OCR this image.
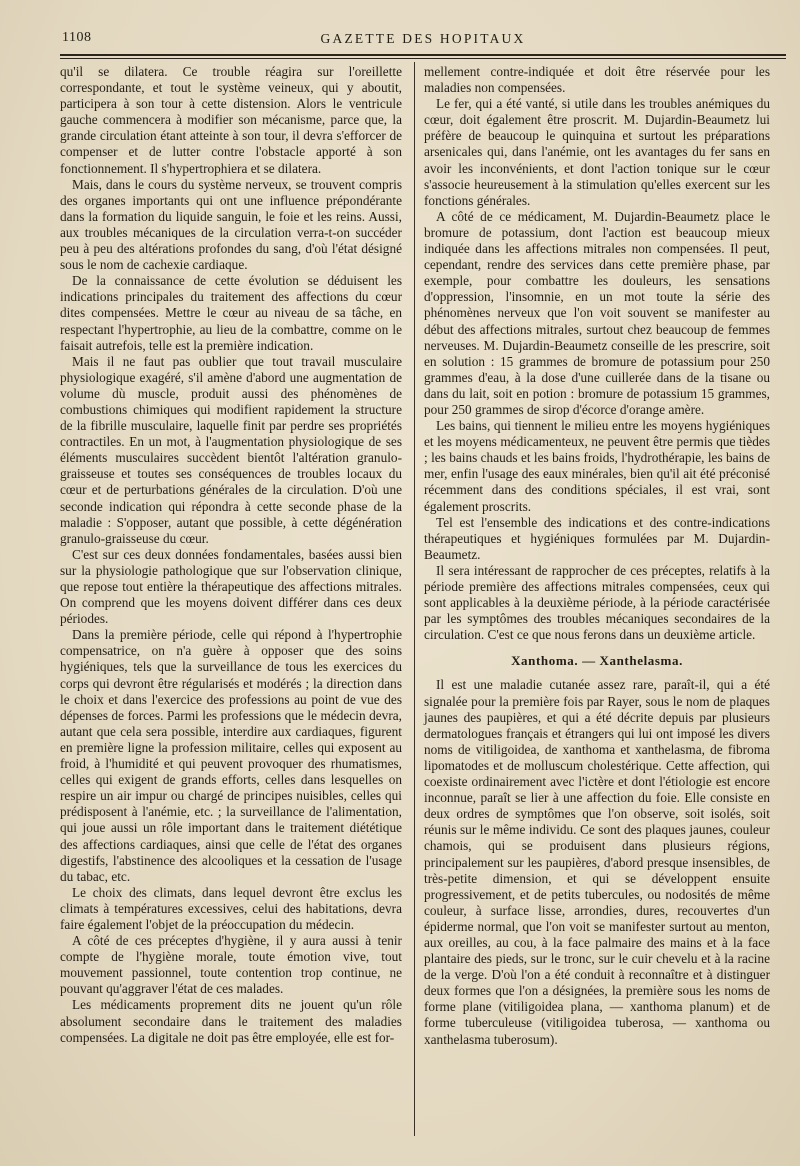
1108	GAZETTE DES HOPITAUX

qu'il se dilatera. Ce trouble réagira sur l'oreillette correspondante, et tout le système veineux, qui y aboutit, participera à son tour à cette distension. Alors le ventricule gauche commencera à modifier son mécanisme, parce que, la grande circulation étant atteinte à son tour, il devra s'efforcer de compenser et de lutter contre l'obstacle apporté à son fonctionnement. Il s'hypertrophiera et se dilatera.

Mais, dans le cours du système nerveux, se trouvent compris des organes importants qui ont une influence prépondérante dans la formation du liquide sanguin, le foie et les reins. Aussi, aux troubles mécaniques de la circulation verra-t-on succéder peu à peu des altérations profondes du sang, d'où l'état désigné sous le nom de cachexie cardiaque.

De la connaissance de cette évolution se déduisent les indications principales du traitement des affections du cœur dites compensées. Mettre le cœur au niveau de sa tâche, en respectant l'hypertrophie, au lieu de la combattre, comme on le faisait autrefois, telle est la première indication.

Mais il ne faut pas oublier que tout travail musculaire physiologique exagéré, s'il amène d'abord une augmentation de volume dù muscle, produit aussi des phénomènes de combustions chimiques qui modifient rapidement la structure de la fibrille musculaire, laquelle finit par perdre ses propriétés contractiles. En un mot, à l'augmentation physiologique de ses éléments musculaires succèdent bientôt l'altération granulo-graisseuse et toutes ses conséquences de troubles locaux du cœur et de perturbations générales de la circulation. D'où une seconde indication qui répondra à cette seconde phase de la maladie : S'opposer, autant que possible, à cette dégénération granulo-graisseuse du cœur.

C'est sur ces deux données fondamentales, basées aussi bien sur la physiologie pathologique que sur l'observation clinique, que repose tout entière la thérapeutique des affections mitrales. On comprend que les moyens doivent différer dans ces deux périodes.

Dans la première période, celle qui répond à l'hypertrophie compensatrice, on n'a guère à opposer que des soins hygiéniques, tels que la surveillance de tous les exercices du corps qui devront être régularisés et modérés ; la direction dans le choix et dans l'exercice des professions au point de vue des dépenses de forces. Parmi les professions que le médecin devra, autant que cela sera possible, interdire aux cardiaques, figurent en première ligne la profession militaire, celles qui exposent au froid, à l'humidité et qui peuvent provoquer des rhumatismes, celles qui exigent de grands efforts, celles dans lesquelles on respire un air impur ou chargé de principes nuisibles, celles qui prédisposent à l'anémie, etc. ; la surveillance de l'alimentation, qui joue aussi un rôle important dans le traitement diététique des affections cardiaques, ainsi que celle de l'état des organes digestifs, l'abstinence des alcooliques et la cessation de l'usage du tabac, etc.

Le choix des climats, dans lequel devront être exclus les climats à températures excessives, celui des habitations, devra faire également l'objet de la préoccupation du médecin.

A côté de ces préceptes d'hygiène, il y aura aussi à tenir compte de l'hygiène morale, toute émotion vive, tout mouvement passionnel, toute contention trop continue, ne pouvant qu'aggraver l'état de ces malades.

Les médicaments proprement dits ne jouent qu'un rôle absolument secondaire dans le traitement des maladies compensées. La digitale ne doit pas être employée, elle est for-

mellement contre-indiquée et doit être réservée pour les maladies non compensées.

Le fer, qui a été vanté, si utile dans les troubles anémiques du cœur, doit également être proscrit. M. Dujardin-Beaumetz lui préfère de beaucoup le quinquina et surtout les préparations arsenicales qui, dans l'anémie, ont les avantages du fer sans en avoir les inconvénients, et dont l'action tonique sur le cœur s'associe heureusement à la stimulation qu'elles exercent sur les fonctions générales.

A côté de ce médicament, M. Dujardin-Beaumetz place le bromure de potassium, dont l'action est beaucoup mieux indiquée dans les affections mitrales non compensées. Il peut, cependant, rendre des services dans cette première phase, par exemple, pour combattre les douleurs, les sensations d'oppression, l'insomnie, en un mot toute la série des phénomènes nerveux que l'on voit souvent se manifester au début des affections mitrales, surtout chez beaucoup de femmes nerveuses. M. Dujardin-Beaumetz conseille de les prescrire, soit en solution : 15 grammes de bromure de potassium pour 250 grammes d'eau, à la dose d'une cuillerée dans de la tisane ou dans du lait, soit en potion : bromure de potassium 15 grammes, pour 250 grammes de sirop d'écorce d'orange amère.

Les bains, qui tiennent le milieu entre les moyens hygiéniques et les moyens médicamenteux, ne peuvent être permis que tièdes ; les bains chauds et les bains froids, l'hydrothérapie, les bains de mer, enfin l'usage des eaux minérales, bien qu'il ait été préconisé récemment dans des conditions spéciales, il est vrai, sont également proscrits.

Tel est l'ensemble des indications et des contre-indications thérapeutiques et hygiéniques formulées par M. Dujardin-Beaumetz.

Il sera intéressant de rapprocher de ces préceptes, relatifs à la période première des affections mitrales compensées, ceux qui sont applicables à la deuxième période, à la période caractérisée par les symptômes des troubles mécaniques secondaires de la circulation. C'est ce que nous ferons dans un deuxième article.

Xanthoma. — Xanthelasma.

Il est une maladie cutanée assez rare, paraît-il, qui a été signalée pour la première fois par Rayer, sous le nom de plaques jaunes des paupières, et qui a été décrite depuis par plusieurs dermatologues français et étrangers qui lui ont imposé les divers noms de vitiligoidea, de xanthoma et xanthelasma, de fibroma lipomatodes et de molluscum cholestérique. Cette affection, qui coexiste ordinairement avec l'ictère et dont l'étiologie est encore inconnue, paraît se lier à une affection du foie. Elle consiste en deux ordres de symptômes que l'on observe, soit isolés, soit réunis sur le même individu. Ce sont des plaques jaunes, couleur chamois, qui se produisent dans plusieurs régions, principalement sur les paupières, d'abord presque insensibles, de très-petite dimension, et qui se développent ensuite progressivement, et de petits tubercules, ou nodosités de même couleur, à surface lisse, arrondies, dures, recouvertes d'un épiderme normal, que l'on voit se manifester surtout au menton, aux oreilles, au cou, à la face palmaire des mains et à la face plantaire des pieds, sur le tronc, sur le cuir chevelu et à la racine de la verge. D'où l'on a été conduit à reconnaître et à distinguer deux formes que l'on a désignées, la première sous les noms de forme plane (vitiligoidea plana, — xanthoma planum) et de forme tuberculeuse (vitiligoidea tuberosa, — xanthoma ou xanthelasma tuberosum).
